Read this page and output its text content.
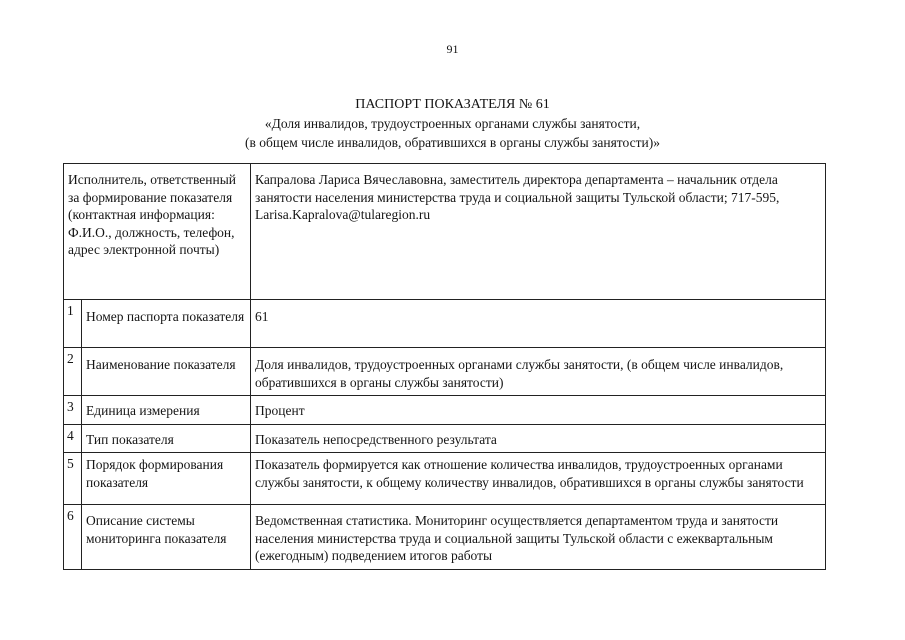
91
ПАСПОРТ ПОКАЗАТЕЛЯ № 61
«Доля инвалидов, трудоустроенных органами службы занятости,
(в общем числе инвалидов, обратившихся в органы службы занятости)»
Исполнитель, ответственный за формирование показателя (контактная информация: Ф.И.О., должность, телефон, адрес электронной почты)		Капралова Лариса Вячеславовна, заместитель директора департамента – начальник отдела занятости населения министерства труда и социальной защиты Тульской области; 717-595, Larisa.Kapralova@tularegion.ru
1	Номер паспорта показателя	61
2	Наименование показателя	Доля инвалидов, трудоустроенных органами службы занятости, (в общем числе инвалидов, обратившихся в органы службы занятости)
3	Единица измерения	Процент
4	Тип показателя	Показатель непосредственного результата
5	Порядок формирования показателя	Показатель формируется как отношение количества инвалидов, трудоустроенных органами службы занятости, к общему количеству инвалидов, обратившихся в органы службы занятости
6	Описание системы мониторинга показателя	Ведомственная статистика. Мониторинг осуществляется департаментом труда и занятости населения министерства труда и социальной защиты Тульской области с ежеквартальным (ежегодным) подведением итогов работы
